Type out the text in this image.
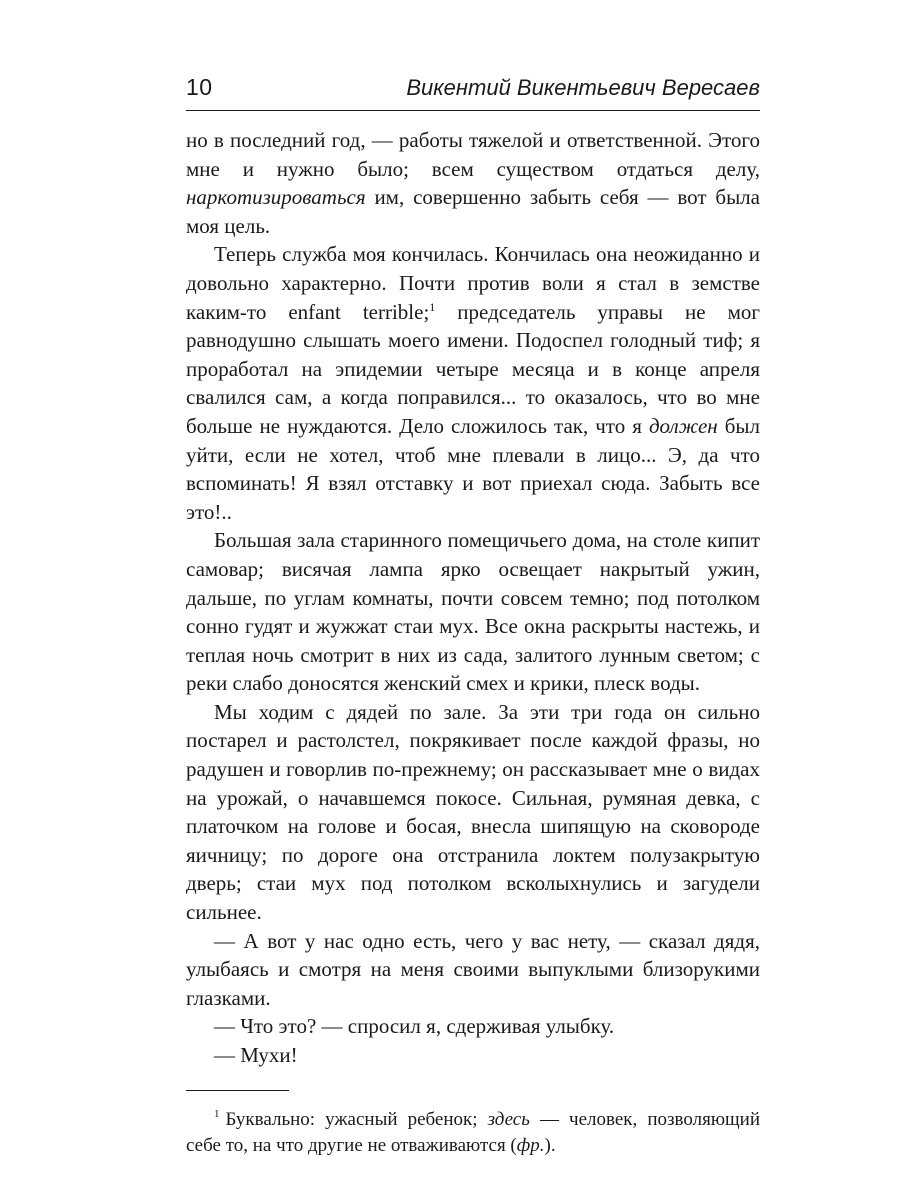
10	Викентий Викентьевич Вересаев

но в последний год, — работы тяжелой и ответственной. Этого мне и нужно было; всем существом отдаться делу, наркотизироваться им, совершенно забыть себя — вот была моя цель.

Теперь служба моя кончилась. Кончилась она неожиданно и довольно характерно. Почти против воли я стал в земстве каким-то enfant terrible;$^1$ председатель управы не мог равнодушно слышать моего имени. Подоспел голодный тиф; я проработал на эпидемии четыре месяца и в конце апреля свалился сам, а когда поправился... то оказалось, что во мне больше не нуждаются. Дело сложилось так, что я должен был уйти, если не хотел, чтоб мне плевали в лицо... Э, да что вспоминать! Я взял отставку и вот приехал сюда. Забыть все это!..

Большая зала старинного помещичьего дома, на столе кипит самовар; висячая лампа ярко освещает накрытый ужин, дальше, по углам комнаты, почти совсем темно; под потолком сонно гудят и жужжат стаи мух. Все окна раскрыты настежь, и теплая ночь смотрит в них из сада, залитого лунным светом; с реки слабо доносятся женский смех и крики, плеск воды.

Мы ходим с дядей по зале. За эти три года он сильно постарел и растолстел, покрякивает после каждой фразы, но радушен и говорлив по-прежнему; он рассказывает мне о видах на урожай, о начавшемся покосе. Сильная, румяная девка, с платочком на голове и босая, внесла шипящую на сковороде яичницу; по дороге она отстранила локтем полузакрытую дверь; стаи мух под потолком всколыхнулись и загудели сильнее.

— А вот у нас одно есть, чего у вас нету, — сказал дядя, улыбаясь и смотря на меня своими выпуклыми близорукими глазками.

— Что это? — спросил я, сдерживая улыбку.

— Мухи!

$^1$ Буквально: ужасный ребенок; здесь — человек, позволяющий себе то, на что другие не отваживаются (фр.).
